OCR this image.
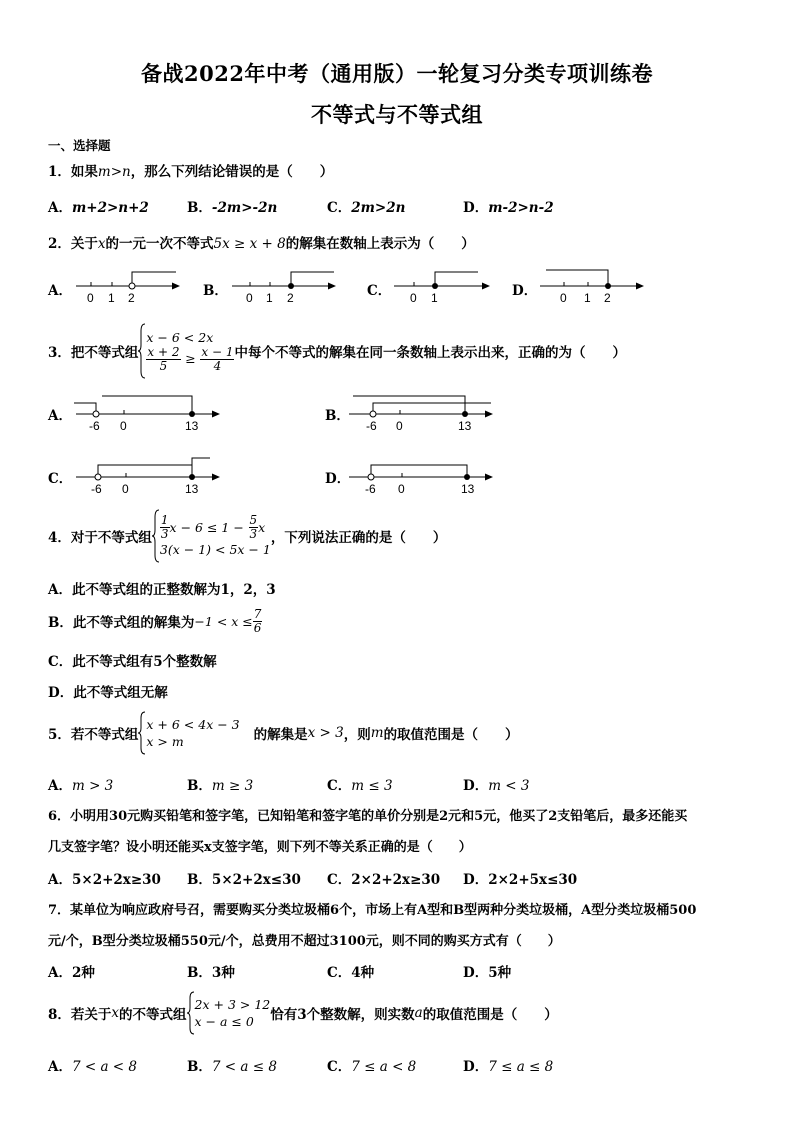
备战2022年中考（通用版）一轮复习分类专项训练卷
不等式与不等式组
一、选择题
1．如果m>n，那么下列结论错误的是（　　）
A．m+2>n+2	B．-2m>-2n	C．2m>2n	D．m-2>n-2
2．关于x的一元一次不等式5x ≥ x + 8的解集在数轴上表示为（　　）
A． 0 1 2	B． 0 1 2	C． 0 1	D． 0 1 2
3．把不等式组
x − 6 < 2x
$\frac{x + 2}{5} \ge \frac{x - 1}{4}$ 中每个不等式的解集在同一条数轴上表示出来，正确的为（　　）
A．
-6 0	13
B．
-6 0	13
C．
-6 0	13
D．
-6 0	13
4．对于不等式组 $\frac{1}{3}$ $x - 6 \le 1 - \frac{5}{3}$ x
3(x − 1) < 5x − 1
，下列说法正确的是（　　）
A．此不等式组的正整数解为1，2，3
B．此不等式组的解集为 $-1 < x \le \frac{7}{6}$
C．此不等式组有5个整数解
D．此不等式组无解
5．若不等式组
x + 6 < 4x − 3
x > m	的解集是 x > 3 ，则 m 的取值范围是（　　）
A．m > 3	B．m ≥ 3	C．m ≤ 3	D．m < 3
6．小明用30元购买铅笔和签字笔，已知铅笔和签字笔的单价分别是2元和5元，他买了2支铅笔后，最多还能买
几支签字笔？设小明还能买x支签字笔，则下列不等关系正确的是（　　）
A．5×2+2x≥30 B．5×2+2x≤30 C．2×2+2x≥30 D．2×2+5x≤30
7．某单位为响应政府号召，需要购买分类垃圾桶6个，市场上有A型和B型两种分类垃圾桶，A型分类垃圾桶500
元/个，B型分类垃圾桶550元/个，总费用不超过3100元，则不同的购买方式有（　　）
A．2种	B．3种	C．4种	D．5种
8．若关于 x 的不等式组
2x + 3 > 12
x − a ≤ 0	恰有3个整数解，则实数 a 的取值范围是（　　）
A．7 < a < 8	B．7 < a ≤ 8	C．7 ≤ a < 8	D．7 ≤ a ≤ 8
